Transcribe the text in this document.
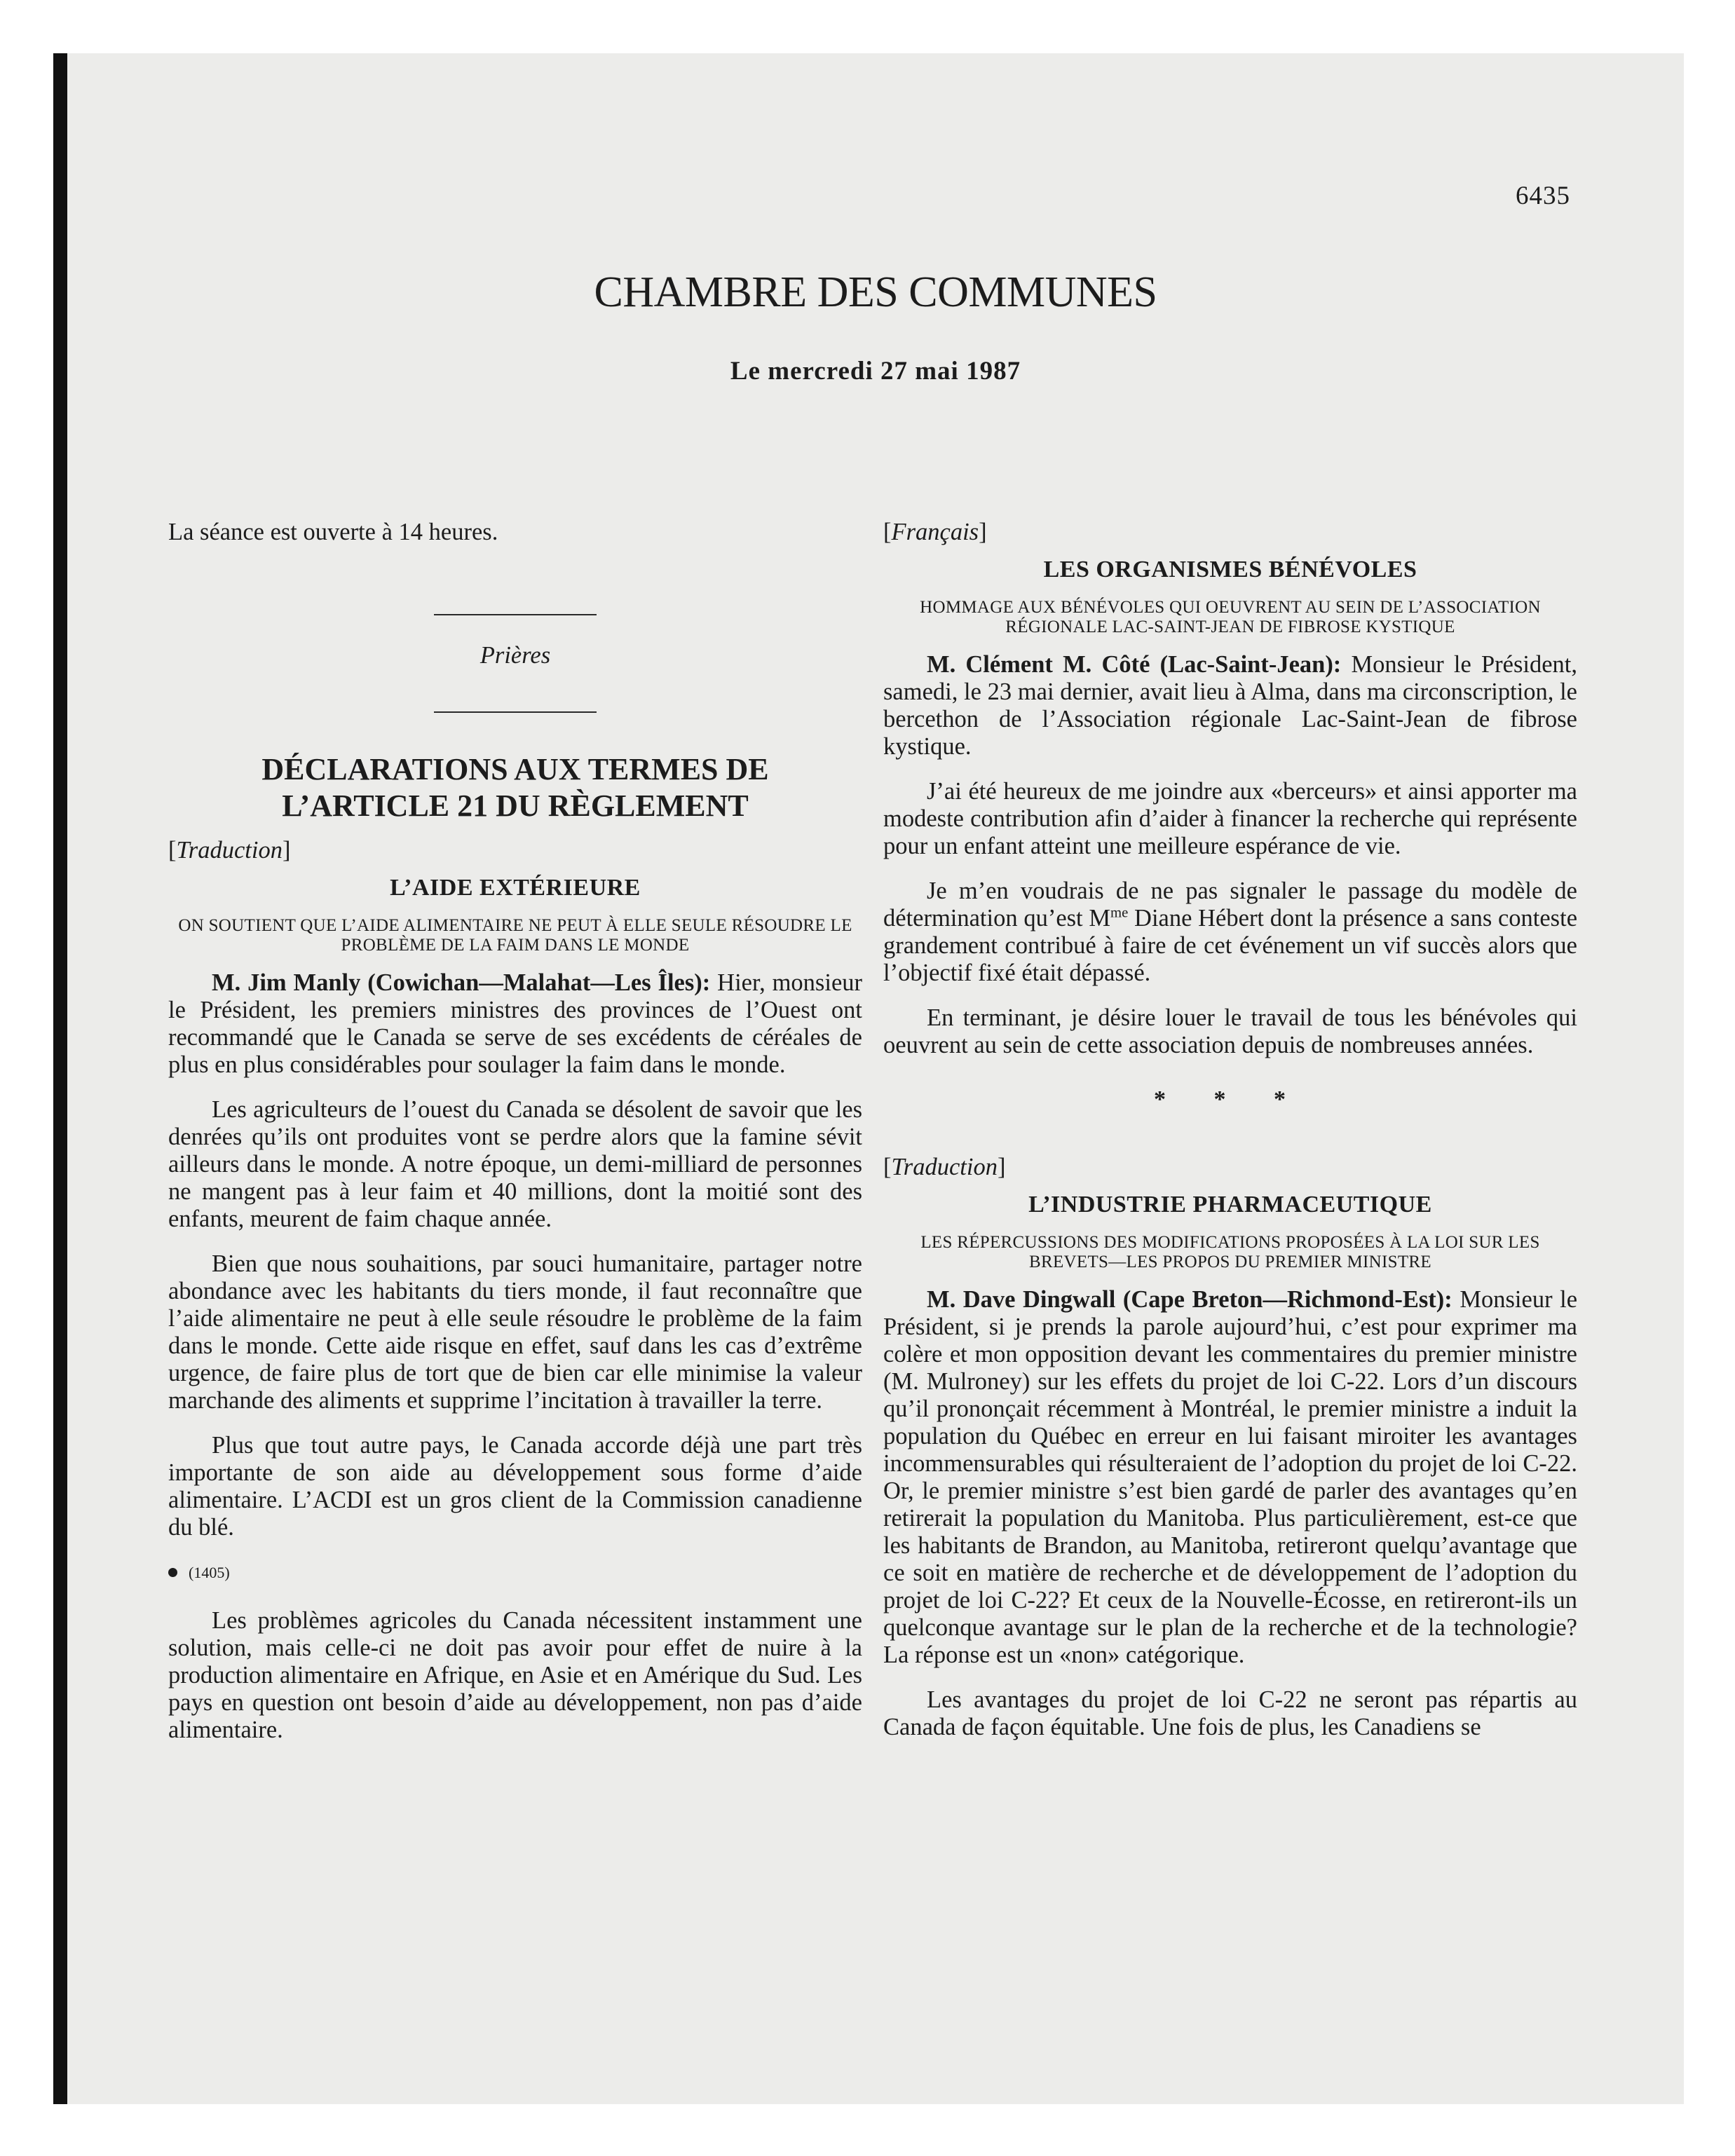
6435
CHAMBRE DES COMMUNES
Le mercredi 27 mai 1987

La séance est ouverte à 14 heures.

Prières
DÉCLARATIONS AUX TERMES DE
L’ARTICLE 21 DU RÈGLEMENT
[Traduction]
L’AIDE EXTÉRIEURE
ON SOUTIENT QUE L’AIDE ALIMENTAIRE NE PEUT À ELLE SEULE RÉSOUDRE LE PROBLÈME DE LA FAIM DANS LE MONDE

M. Jim Manly (Cowichan—Malahat—Les Îles): Hier, monsieur le Président, les premiers ministres des provinces de l’Ouest ont recommandé que le Canada se serve de ses excédents de céréales de plus en plus considérables pour soulager la faim dans le monde.

Les agriculteurs de l’ouest du Canada se désolent de savoir que les denrées qu’ils ont produites vont se perdre alors que la famine sévit ailleurs dans le monde. A notre époque, un demi-milliard de personnes ne mangent pas à leur faim et 40 millions, dont la moitié sont des enfants, meurent de faim chaque année.

Bien que nous souhaitions, par souci humanitaire, partager notre abondance avec les habitants du tiers monde, il faut reconnaître que l’aide alimentaire ne peut à elle seule résoudre le problème de la faim dans le monde. Cette aide risque en effet, sauf dans les cas d’extrême urgence, de faire plus de tort que de bien car elle minimise la valeur marchande des aliments et supprime l’incitation à travailler la terre.

Plus que tout autre pays, le Canada accorde déjà une part très importante de son aide au développement sous forme d’aide alimentaire. L’ACDI est un gros client de la Commission canadienne du blé.

(1405)

Les problèmes agricoles du Canada nécessitent instamment une solution, mais celle-ci ne doit pas avoir pour effet de nuire à la production alimentaire en Afrique, en Asie et en Amérique du Sud. Les pays en question ont besoin d’aide au développement, non pas d’aide alimentaire.

[Français]
LES ORGANISMES BÉNÉVOLES
HOMMAGE AUX BÉNÉVOLES QUI OEUVRENT AU SEIN DE L’ASSOCIATION RÉGIONALE LAC-SAINT-JEAN DE FIBROSE KYSTIQUE

M. Clément M. Côté (Lac-Saint-Jean): Monsieur le Président, samedi, le 23 mai dernier, avait lieu à Alma, dans ma circonscription, le bercethon de l’Association régionale Lac-Saint-Jean de fibrose kystique.

J’ai été heureux de me joindre aux «berceurs» et ainsi apporter ma modeste contribution afin d’aider à financer la recherche qui représente pour un enfant atteint une meilleure espérance de vie.

Je m’en voudrais de ne pas signaler le passage du modèle de détermination qu’est $M^{me}$ Diane Hébert dont la présence a sans conteste grandement contribué à faire de cet événement un vif succès alors que l’objectif fixé était dépassé.

En terminant, je désire louer le travail de tous les bénévoles qui oeuvrent au sein de cette association depuis de nombreuses années.

* * *
[Traduction]
L’INDUSTRIE PHARMACEUTIQUE
LES RÉPERCUSSIONS DES MODIFICATIONS PROPOSÉES À LA LOI SUR LES BREVETS—LES PROPOS DU PREMIER MINISTRE

M. Dave Dingwall (Cape Breton—Richmond-Est): Monsieur le Président, si je prends la parole aujourd’hui, c’est pour exprimer ma colère et mon opposition devant les commentaires du premier ministre (M. Mulroney) sur les effets du projet de loi C-22. Lors d’un discours qu’il prononçait récemment à Montréal, le premier ministre a induit la population du Québec en erreur en lui faisant miroiter les avantages incommensurables qui résulteraient de l’adoption du projet de loi C-22. Or, le premier ministre s’est bien gardé de parler des avantages qu’en retirerait la population du Manitoba. Plus particulièrement, est-ce que les habitants de Brandon, au Manitoba, retireront quelqu’avantage que ce soit en matière de recherche et de développement de l’adoption du projet de loi C-22? Et ceux de la Nouvelle-Écosse, en retireront-ils un quelconque avantage sur le plan de la recherche et de la technologie? La réponse est un «non» catégorique.

Les avantages du projet de loi C-22 ne seront pas répartis au Canada de façon équitable. Une fois de plus, les Canadiens se
